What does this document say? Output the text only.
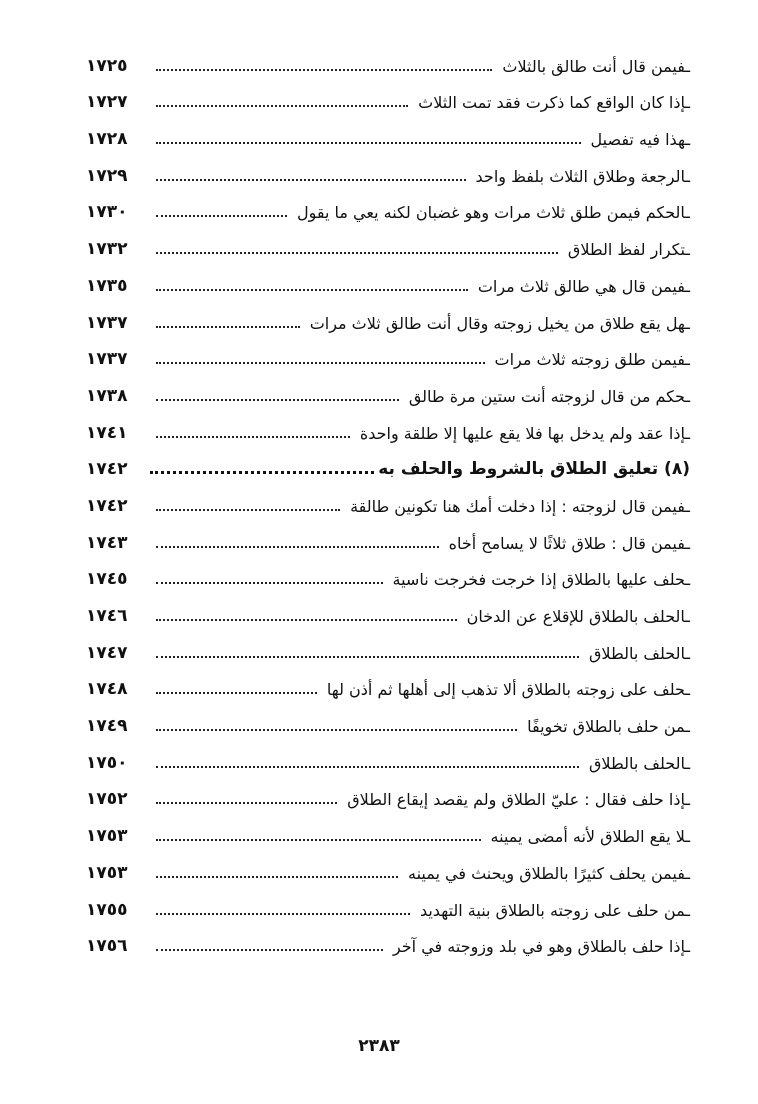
ـفيمن قال أنت طالق بالثلاث
١٧٢٥
ـإذا كان الواقع كما ذكرت فقد تمت الثلاث
١٧٢٧
ـهذا فيه تفصيل
١٧٢٨
ـالرجعة وطلاق الثلاث بلفظ واحد
١٧٢٩
ـالحكم فيمن طلق ثلاث مرات وهو غضبان لكنه يعي ما يقول
١٧٣٠
ـتكرار لفظ الطلاق
١٧٣٢
ـفيمن قال هي طالق ثلاث مرات
١٧٣٥
ـهل يقع طلاق من يخيل زوجته وقال أنت طالق ثلاث مرات
١٧٣٧
ـفيمن طلق زوجته ثلاث مرات
١٧٣٧
ـحكم من قال لزوجته أنت ستين مرة طالق
١٧٣٨
ـإذا عقد ولم يدخل بها فلا يقع عليها إلا طلقة واحدة
١٧٤١
(٨) تعليق الطلاق بالشروط والحلف به
١٧٤٢
ـفيمن قال لزوجته : إذا دخلت أمك هنا تكونين طالقة
١٧٤٢
ـفيمن قال : طلاق ثلاثًا لا يسامح أخاه
١٧٤٣
ـحلف عليها بالطلاق إذا خرجت فخرجت ناسية
١٧٤٥
ـالحلف بالطلاق للإقلاع عن الدخان
١٧٤٦
ـالحلف بالطلاق
١٧٤٧
ـحلف على زوجته بالطلاق ألا تذهب إلى أهلها ثم أذن لها
١٧٤٨
ـمن حلف بالطلاق تخويفًا
١٧٤٩
ـالحلف بالطلاق
١٧٥٠
ـإذا حلف فقال : عليّ الطلاق ولم يقصد إيقاع الطلاق
١٧٥٢
ـلا يقع الطلاق لأنه أمضى يمينه
١٧٥٣
ـفيمن يحلف كثيرًا بالطلاق ويحنث في يمينه
١٧٥٣
ـمن حلف على زوجته بالطلاق بنية التهديد
١٧٥٥
ـإذا حلف بالطلاق وهو في بلد وزوجته في آخر
١٧٥٦
٢٣٨٣
